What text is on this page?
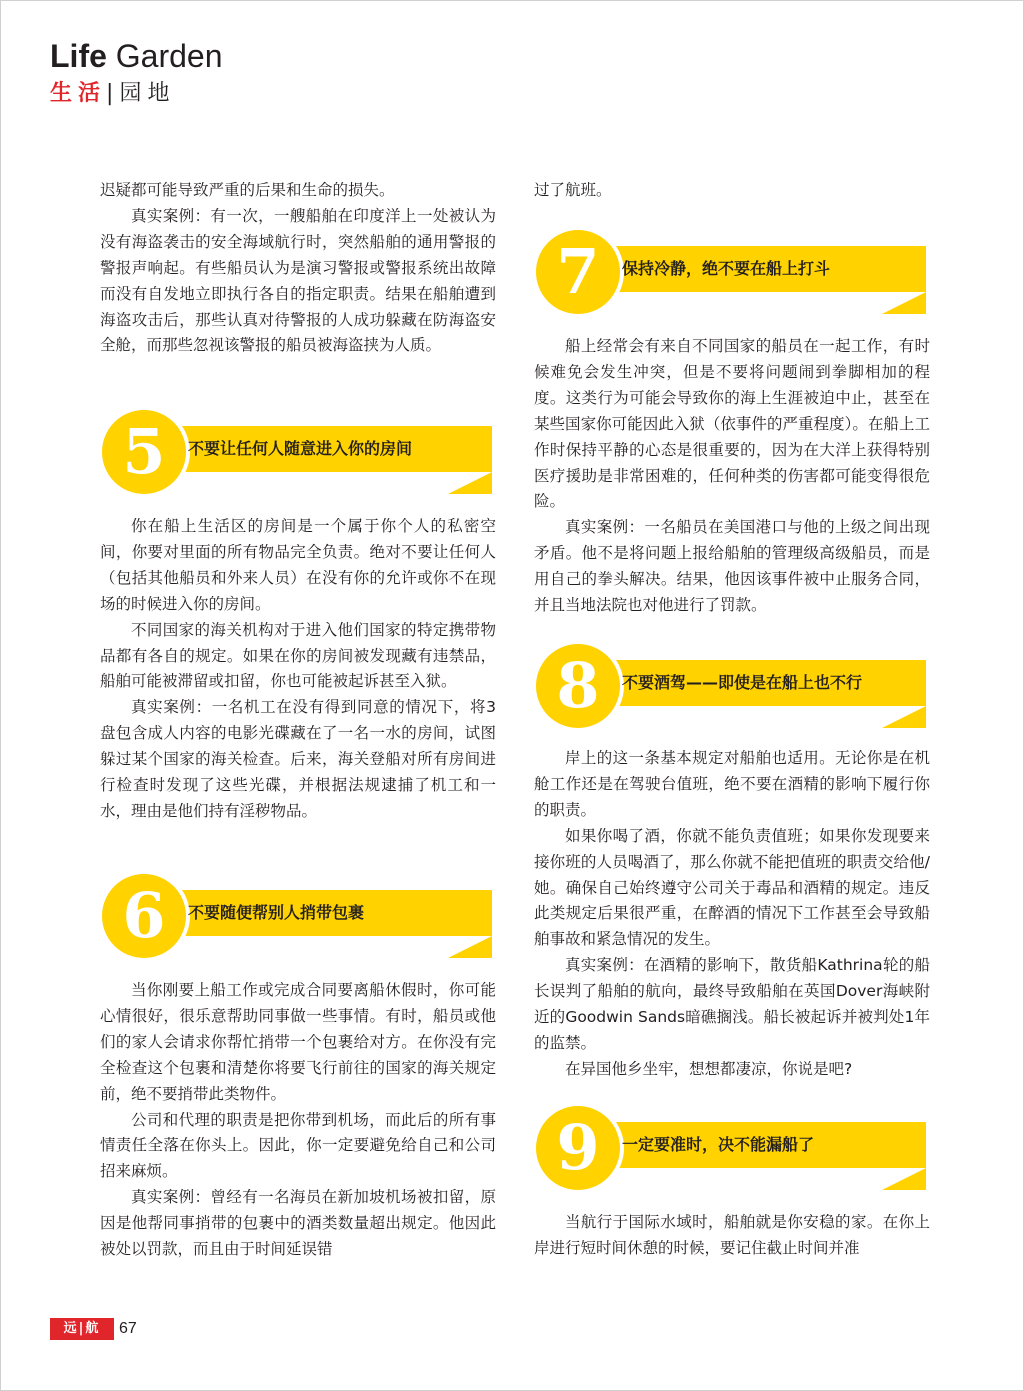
Life Garden
生活| 园地

迟疑都可能导致严重的后果和生命的损失。

真实案例：有一次，一艘船舶在印度洋上一处被认为没有海盗袭击的安全海域航行时，突然船舶的通用警报的警报声响起。有些船员认为是演习警报或警报系统出故障而没有自发地立即执行各自的指定职责。结果在船舶遭到海盗攻击后，那些认真对待警报的人成功躲藏在防海盗安全舱，而那些忽视该警报的船员被海盗挟为人质。

5	不要让任何人随意进入你的房间

你在船上生活区的房间是一个属于你个人的私密空间，你要对里面的所有物品完全负责。绝对不要让任何人（包括其他船员和外来人员）在没有你的允许或你不在现场的时候进入你的房间。

不同国家的海关机构对于进入他们国家的特定携带物品都有各自的规定。如果在你的房间被发现藏有违禁品，船舶可能被滞留或扣留，你也可能被起诉甚至入狱。

真实案例：一名机工在没有得到同意的情况下，将3盘包含成人内容的电影光碟藏在了一名一水的房间，试图躲过某个国家的海关检查。后来，海关登船对所有房间进行检查时发现了这些光碟，并根据法规逮捕了机工和一水，理由是他们持有淫秽物品。

6	不要随便帮别人捎带包裹

当你刚要上船工作或完成合同要离船休假时，你可能心情很好，很乐意帮助同事做一些事情。有时，船员或他们的家人会请求你帮忙捎带一个包裹给对方。在你没有完全检查这个包裹和清楚你将要飞行前往的国家的海关规定前，绝不要捎带此类物件。

公司和代理的职责是把你带到机场，而此后的所有事情责任全落在你头上。因此，你一定要避免给自己和公司招来麻烦。

真实案例：曾经有一名海员在新加坡机场被扣留，原因是他帮同事捎带的包裹中的酒类数量超出规定。他因此被处以罚款，而且由于时间延误错

过了航班。

7	保持冷静，绝不要在船上打斗

船上经常会有来自不同国家的船员在一起工作，有时候难免会发生冲突，但是不要将问题闹到拳脚相加的程度。这类行为可能会导致你的海上生涯被迫中止，甚至在某些国家你可能因此入狱（依事件的严重程度）。在船上工作时保持平静的心态是很重要的，因为在大洋上获得特别医疗援助是非常困难的，任何种类的伤害都可能变得很危险。

真实案例：一名船员在美国港口与他的上级之间出现矛盾。他不是将问题上报给船舶的管理级高级船员，而是用自己的拳头解决。结果，他因该事件被中止服务合同，并且当地法院也对他进行了罚款。

8	不要酒驾——即使是在船上也不行

岸上的这一条基本规定对船舶也适用。无论你是在机舱工作还是在驾驶台值班，绝不要在酒精的影响下履行你的职责。

如果你喝了酒，你就不能负责值班；如果你发现要来接你班的人员喝酒了，那么你就不能把值班的职责交给他/她。确保自己始终遵守公司关于毒品和酒精的规定。违反此类规定后果很严重，在醉酒的情况下工作甚至会导致船舶事故和紧急情况的发生。

真实案例：在酒精的影响下，散货船Kathrina轮的船长误判了船舶的航向，最终导致船舶在英国Dover海峡附近的Goodwin Sands暗礁搁浅。船长被起诉并被判处1年的监禁。

在异国他乡坐牢，想想都凄凉，你说是吧?

9	一定要准时，决不能漏船了

当航行于国际水域时，船舶就是你安稳的家。在你上岸进行短时间休憩的时候，要记住截止时间并准

远|航	67
